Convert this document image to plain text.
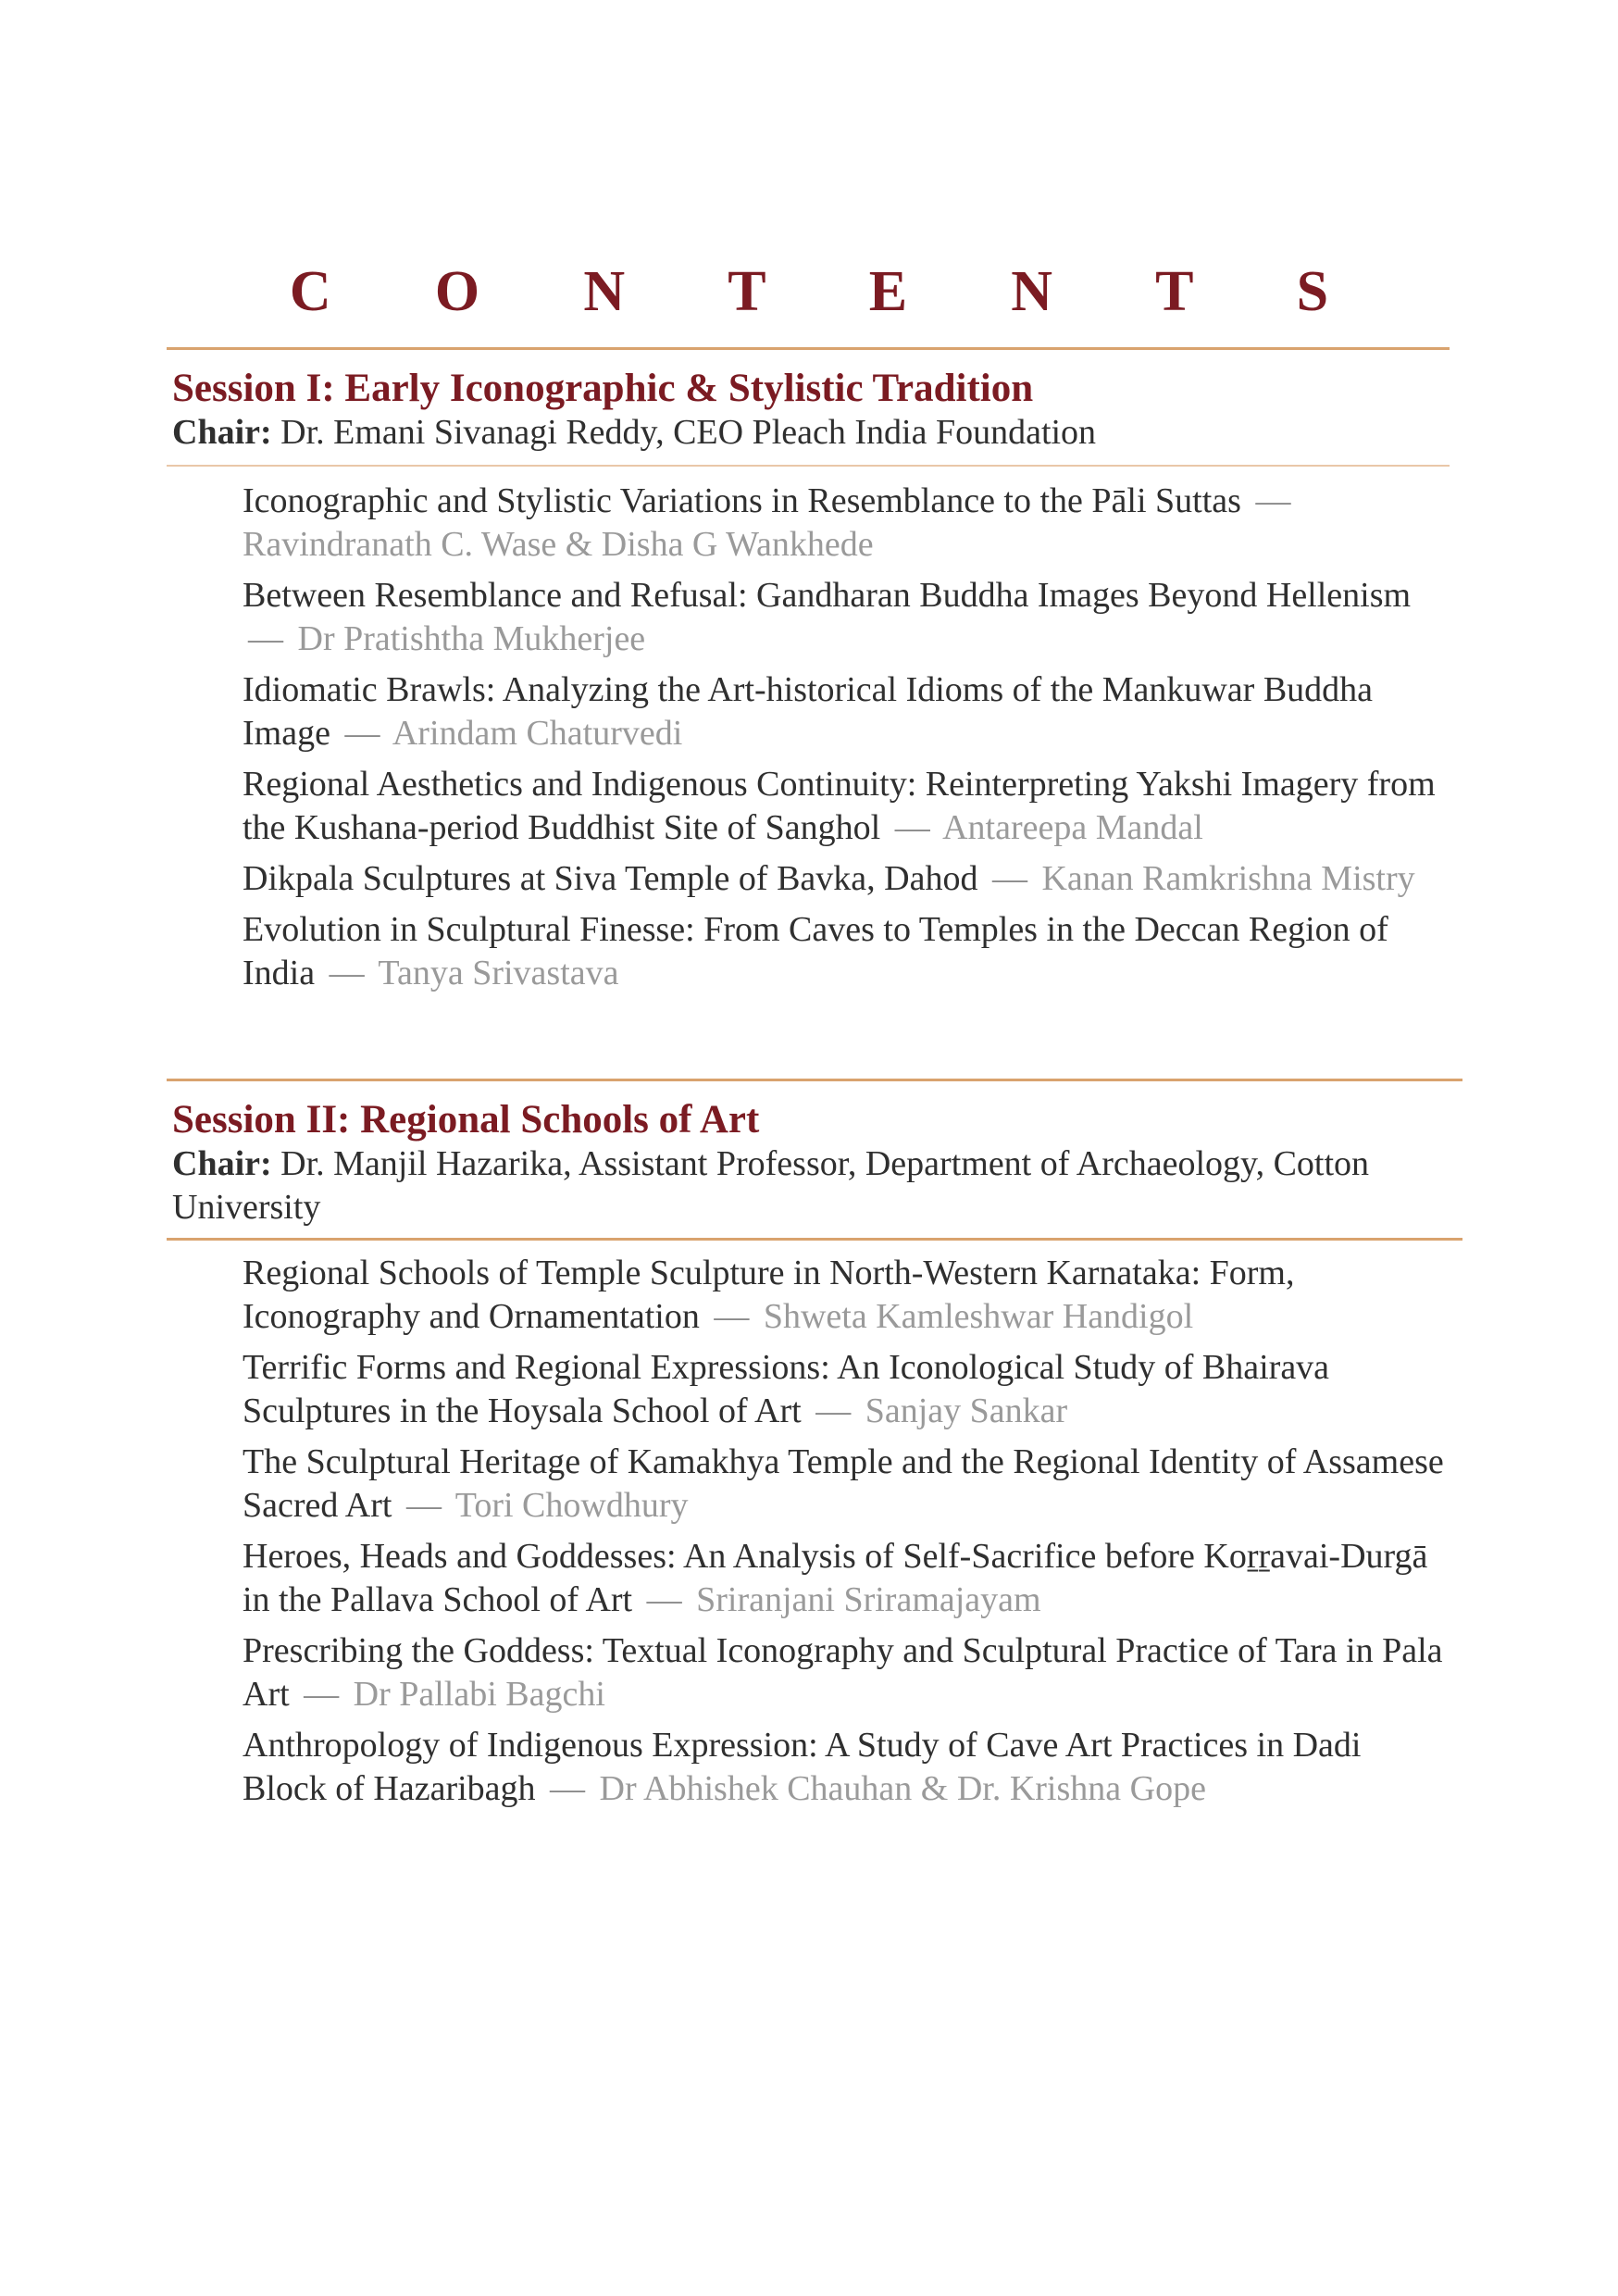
C O N T E N T S

Session I: Early Iconographic & Stylistic Tradition

Chair: Dr. Emani Sivanagi Reddy, CEO Pleach India Foundation

Iconographic and Stylistic Variations in Resemblance to the Pāli Suttas — Ravindranath C. Wase & Disha G Wankhede

Between Resemblance and Refusal: Gandharan Buddha Images Beyond Hellenism — Dr Pratishtha Mukherjee

Idiomatic Brawls: Analyzing the Art-historical Idioms of the Mankuwar Buddha Image — Arindam Chaturvedi

Regional Aesthetics and Indigenous Continuity: Reinterpreting Yakshi Imagery from the Kushana-period Buddhist Site of Sanghol — Antareepa Mandal

Dikpala Sculptures at Siva Temple of Bavka, Dahod — Kanan Ramkrishna Mistry

Evolution in Sculptural Finesse: From Caves to Temples in the Deccan Region of India — Tanya Srivastava

Session II: Regional Schools of Art

Chair: Dr. Manjil Hazarika, Assistant Professor, Department of Archaeology, Cotton University

Regional Schools of Temple Sculpture in North-Western Karnataka: Form, Iconography and Ornamentation — Shweta Kamleshwar Handigol

Terrific Forms and Regional Expressions: An Iconological Study of Bhairava Sculptures in the Hoysala School of Art — Sanjay Sankar

The Sculptural Heritage of Kamakhya Temple and the Regional Identity of Assamese Sacred Art — Tori Chowdhury

Heroes, Heads and Goddesses: An Analysis of Self-Sacrifice before Koṟṟavai-Durgā in the Pallava School of Art — Sriranjani Sriramajayam

Prescribing the Goddess: Textual Iconography and Sculptural Practice of Tara in Pala Art — Dr Pallabi Bagchi

Anthropology of Indigenous Expression: A Study of Cave Art Practices in Dadi Block of Hazaribagh — Dr Abhishek Chauhan & Dr. Krishna Gope
